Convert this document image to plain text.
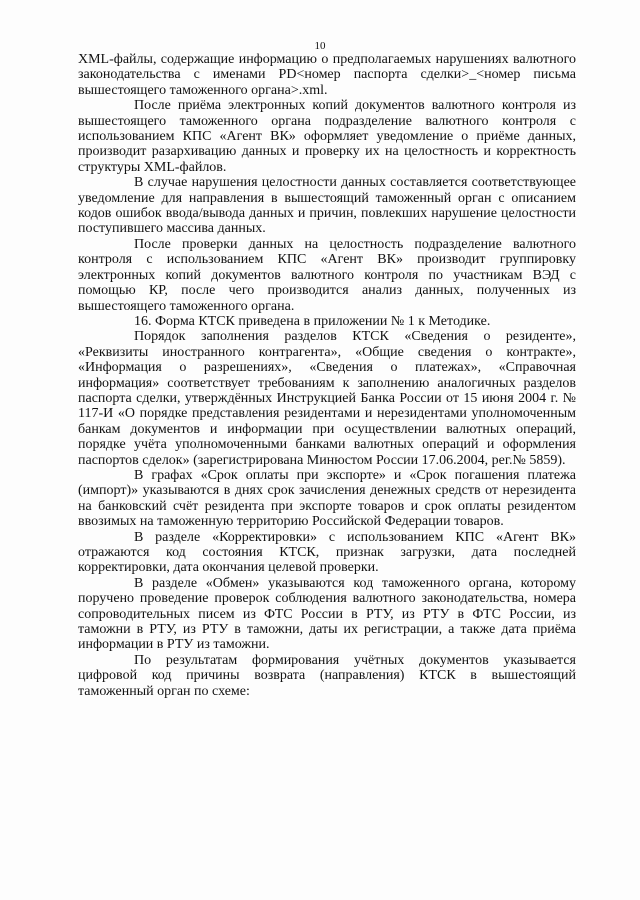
10

XML-файлы, содержащие информацию о предполагаемых нарушениях валютного законодательства с именами PD<номер паспорта сделки>_<номер письма вышестоящего таможенного органа>.xml.

После приёма электронных копий документов валютного контроля из вышестоящего таможенного органа подразделение валютного контроля с использованием КПС «Агент ВК» оформляет уведомление о приёме данных, производит разархивацию данных и проверку их на целостность и корректность структуры XML-файлов.

В случае нарушения целостности данных составляется соответствующее уведомление для направления в вышестоящий таможенный орган с описанием кодов ошибок ввода/вывода данных и причин, повлекших нарушение целостности поступившего массива данных.

После проверки данных на целостность подразделение валютного контроля с использованием КПС «Агент ВК» производит группировку электронных копий документов валютного контроля по участникам ВЭД с помощью КР, после чего производится анализ данных, полученных из вышестоящего таможенного органа.

16. Форма КТСК приведена в приложении № 1 к Методике.

Порядок заполнения разделов КТСК «Сведения о резиденте», «Реквизиты иностранного контрагента», «Общие сведения о контракте», «Информация о разрешениях», «Сведения о платежах», «Справочная информация» соответствует требованиям к заполнению аналогичных разделов паспорта сделки, утверждённых Инструкцией Банка России от 15 июня 2004 г. № 117-И «О порядке представления резидентами и нерезидентами уполномоченным банкам документов и информации при осуществлении валютных операций, порядке учёта уполномоченными банками валютных операций и оформления паспортов сделок» (зарегистрирована Минюстом России 17.06.2004, рег.№ 5859).

В графах «Срок оплаты при экспорте» и «Срок погашения платежа (импорт)» указываются в днях срок зачисления денежных средств от нерезидента на банковский счёт резидента при экспорте товаров и срок оплаты резидентом ввозимых на таможенную территорию Российской Федерации товаров.

В разделе «Корректировки» с использованием КПС «Агент ВК» отражаются код состояния КТСК, признак загрузки, дата последней корректировки, дата окончания целевой проверки.

В разделе «Обмен» указываются код таможенного органа, которому поручено проведение проверок соблюдения валютного законодательства, номера сопроводительных писем из ФТС России в РТУ, из РТУ в ФТС России, из таможни в РТУ, из РТУ в таможни, даты их регистрации, а также дата приёма информации в РТУ из таможни.

По результатам формирования учётных документов указывается цифровой код причины возврата (направления) КТСК в вышестоящий таможенный орган по схеме:
